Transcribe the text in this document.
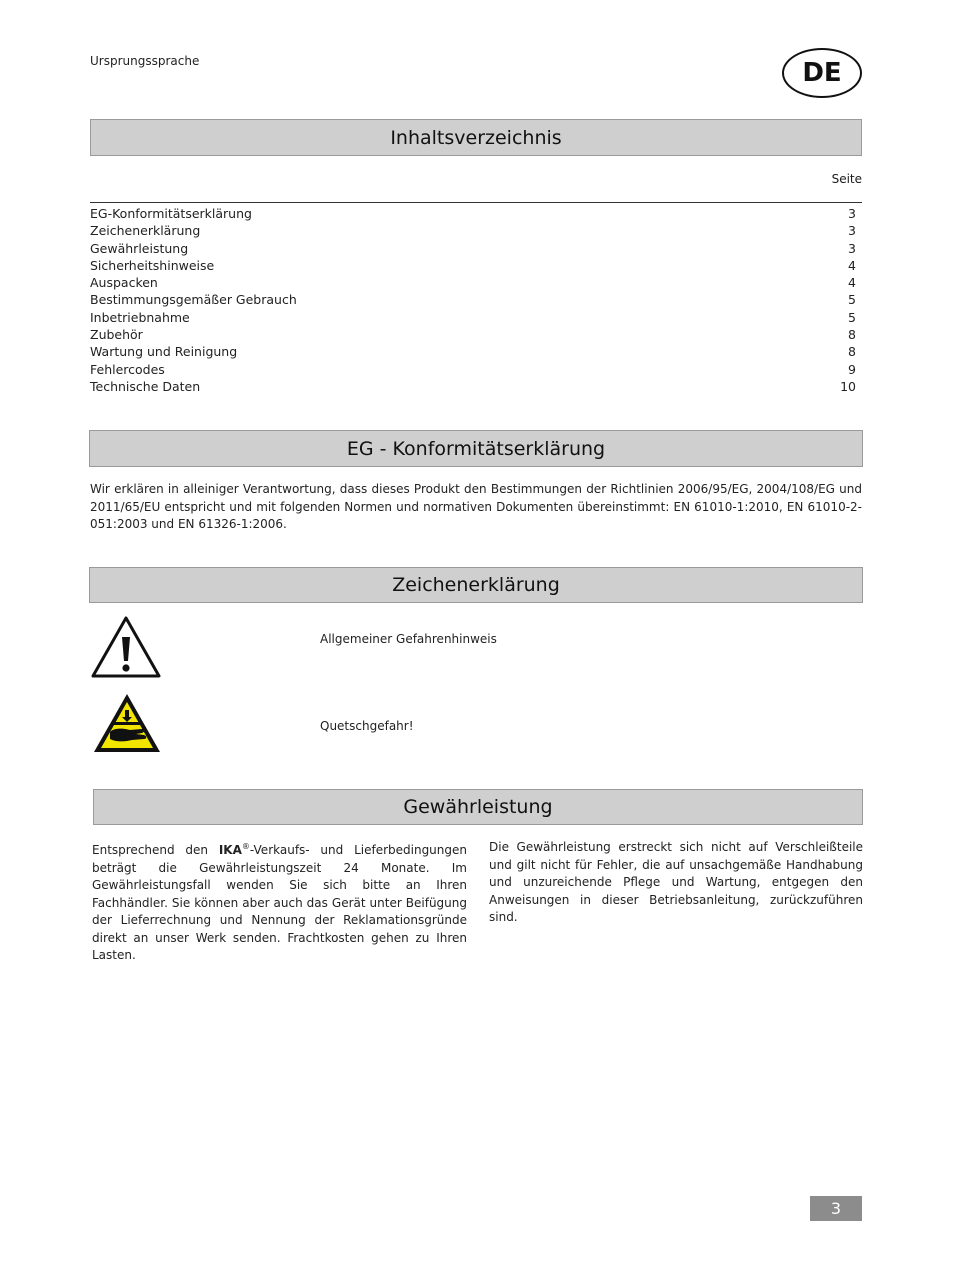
Ursprungssprache	DE
Inhaltsverzeichnis
Seite
EG-Konformitätserklärung	3
Zeichenerklärung	3
Gewährleistung	3
Sicherheitshinweise	4
Auspacken	4
Bestimmungsgemäßer Gebrauch	5
Inbetriebnahme	5
Zubehör	8
Wartung und Reinigung	8
Fehlercodes	9
Technische Daten	10
EG - Konformitätserklärung
Wir erklären in alleiniger Verantwortung, dass dieses Produkt den Bestimmungen der Richtlinien 2006/95/EG, 2004/108/EG und 2011/65/EU entspricht und mit folgenden Normen und normativen Dokumenten übereinstimmt: EN 61010-1:2010, EN 61010-2-051:2003 und EN 61326-1:2006.
Zeichenerklärung
Allgemeiner Gefahrenhinweis
Quetschgefahr!
Gewährleistung
Entsprechend den IKA®-Verkaufs- und Lieferbedingungen beträgt die Gewährleistungszeit 24 Monate. Im Gewährleistungsfall wenden Sie sich bitte an Ihren Fachhändler. Sie können aber auch das Gerät unter Beifügung der Lieferrechnung und Nennung der Reklamationsgründe direkt an unser Werk senden. Frachtkosten gehen zu Ihren Lasten.
Die Gewährleistung erstreckt sich nicht auf Verschleißteile und gilt nicht für Fehler, die auf unsachgemäße Handhabung und unzureichende Pflege und Wartung, entgegen den Anweisungen in dieser Betriebsanleitung, zurückzuführen sind.
3
